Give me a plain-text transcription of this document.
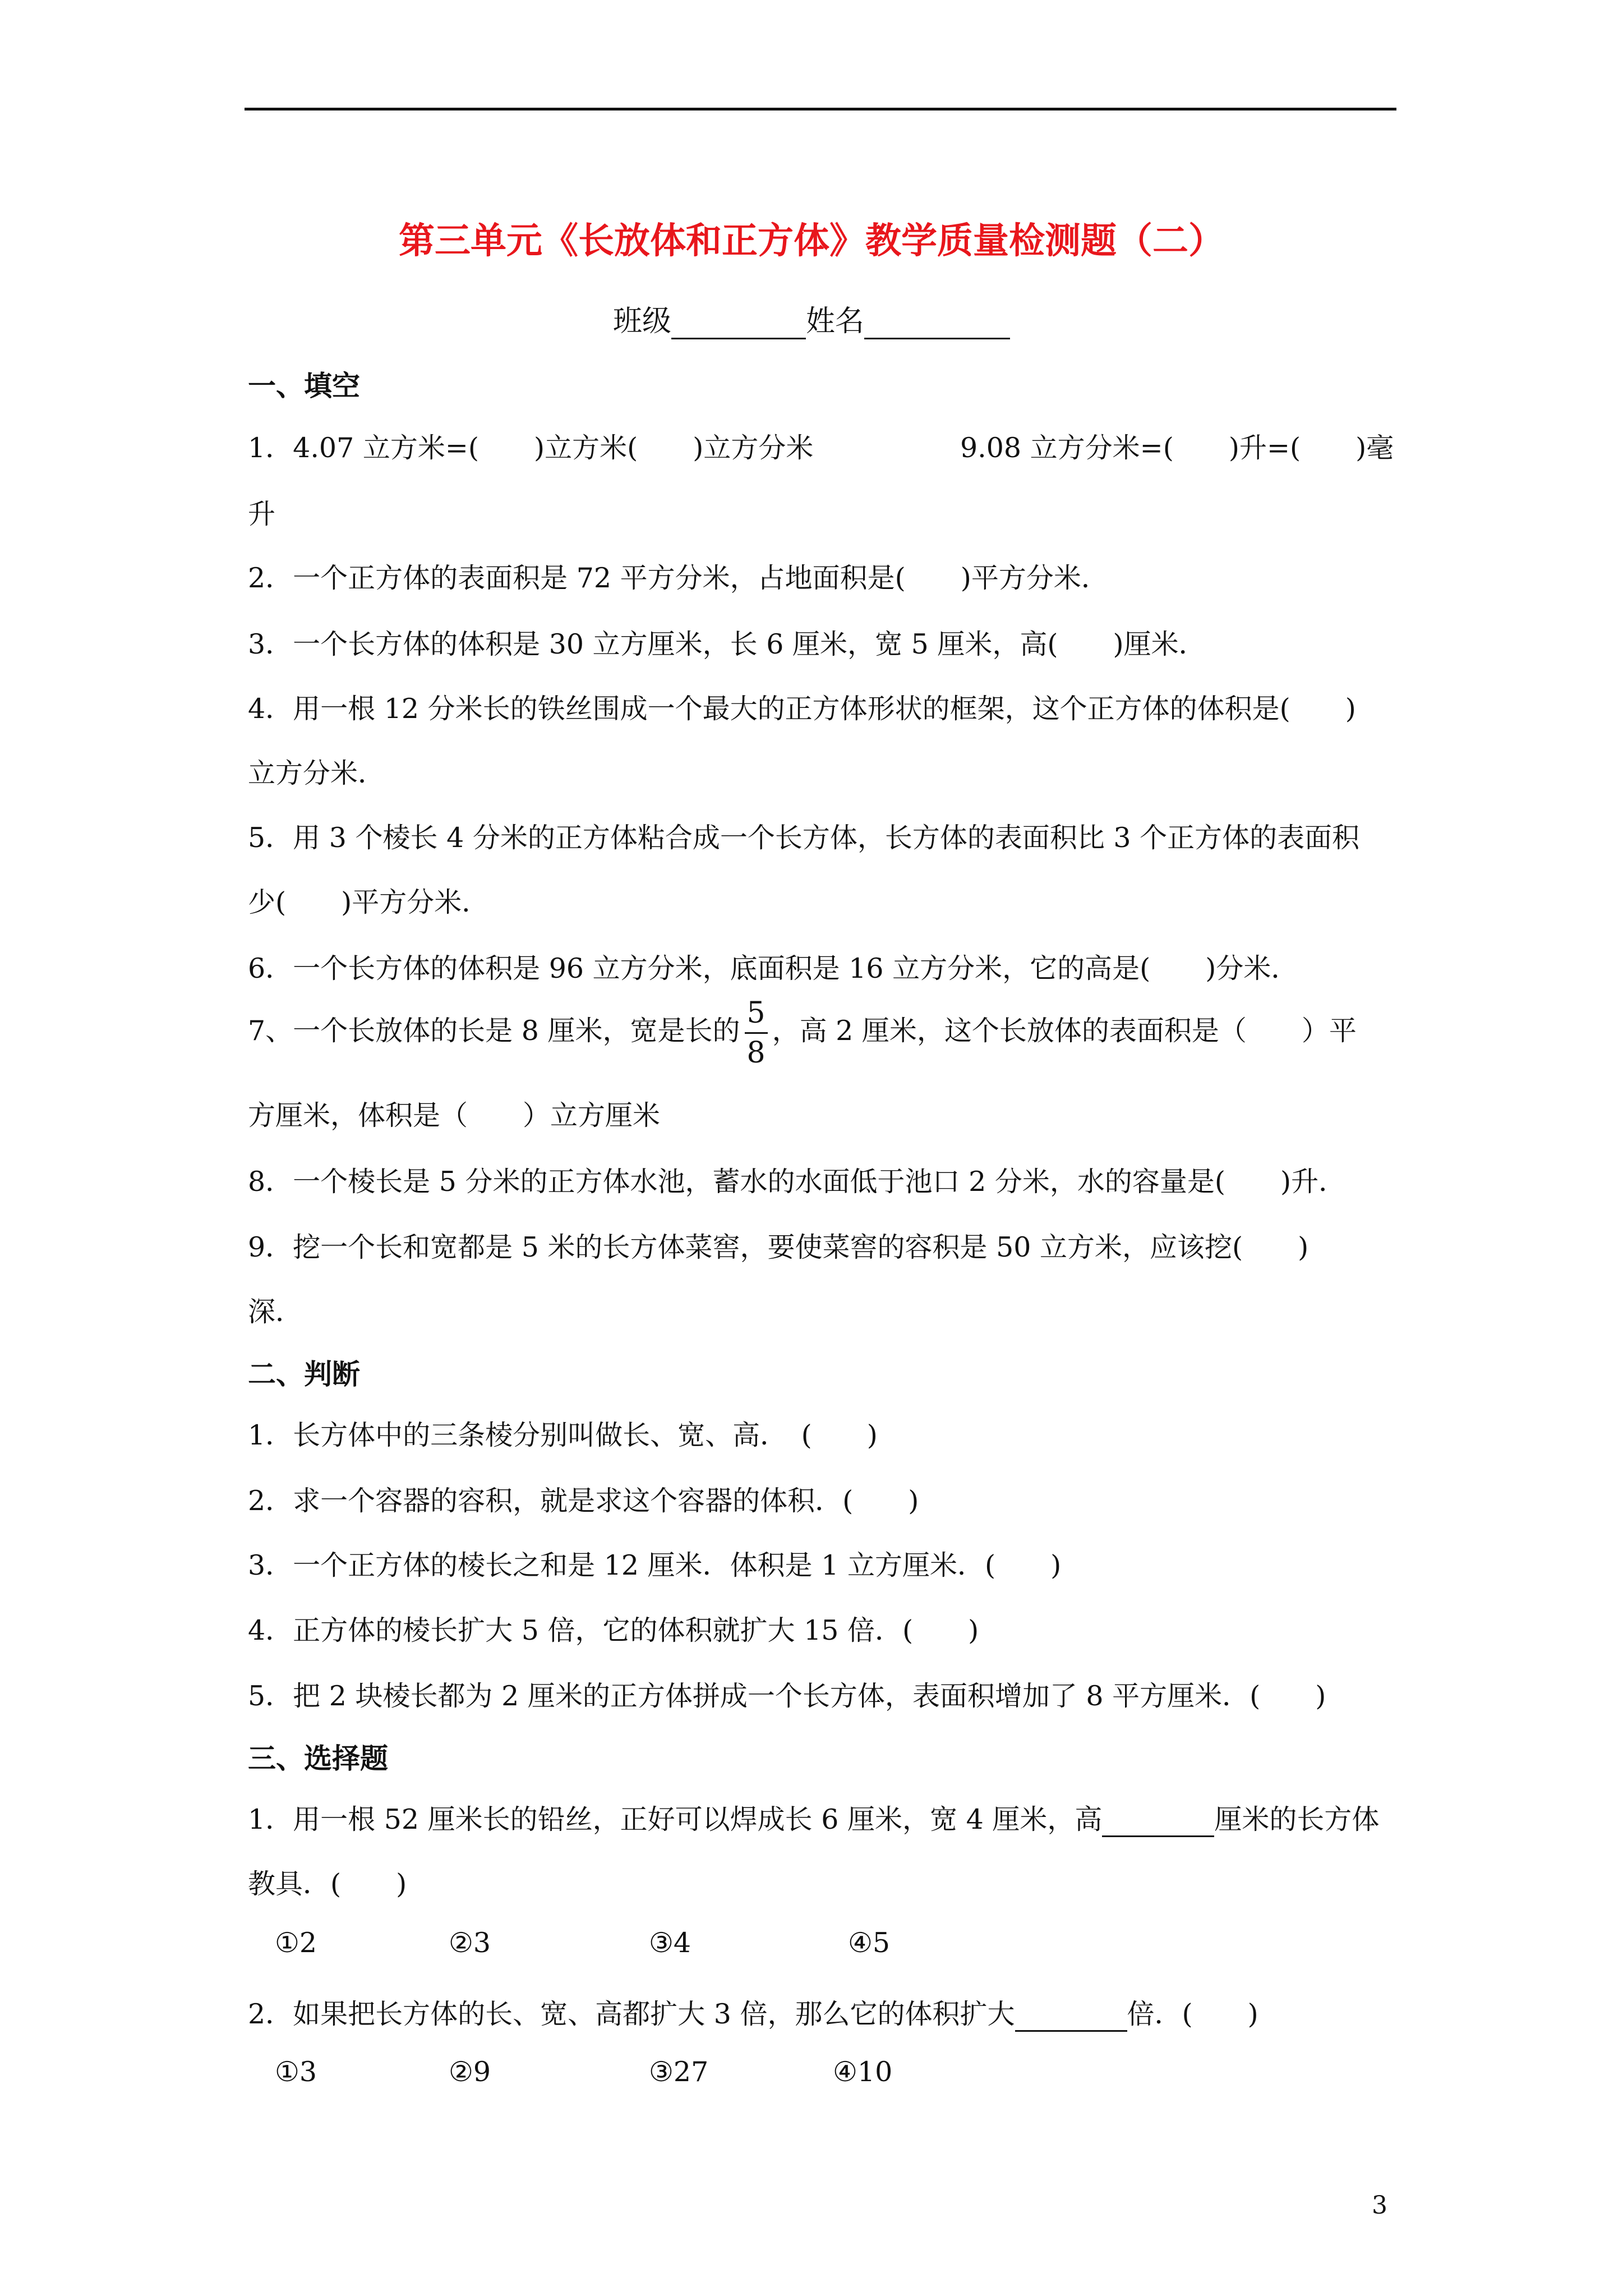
第三单元《长放体和正方体》教学质量检测题（二）
班级	姓名
一、填空
1．4.07 立方米=(　　)立方米(　　)立方分米	9.08 立方分米=(　　)升=(　　)毫
升
2．一个正方体的表面积是 72 平方分米，占地面积是(　　)平方分米．
3．一个长方体的体积是 30 立方厘米，长 6 厘米，宽 5 厘米，高(　　)厘米．
4．用一根 12 分米长的铁丝围成一个最大的正方体形状的框架，这个正方体的体积是(　　)
立方分米．
5．用 3 个棱长 4 分米的正方体粘合成一个长方体，长方体的表面积比 3 个正方体的表面积
少(　　)平方分米．
6．一个长方体的体积是 96 立方分米，底面积是 16 立方分米，它的高是(　　)分米．
7、一个长放体的长是 8 厘米，宽是长的 $\frac{5}{8}$ ，高 2 厘米，这个长放体的表面积是（　　）平
方厘米，体积是（　　）立方厘米
8．一个棱长是 5 分米的正方体水池，蓄水的水面低于池口 2 分米，水的容量是(　　)升．
9．挖一个长和宽都是 5 米的长方体菜窖，要使菜窖的容积是 50 立方米，应该挖(　　)
深．
二、判断
1．长方体中的三条棱分别叫做长、宽、高．　(　　)
2．求一个容器的容积，就是求这个容器的体积．(　　)
3．一个正方体的棱长之和是 12 厘米．体积是 1 立方厘米．(　　)
4．正方体的棱长扩大 5 倍，它的体积就扩大 15 倍．(　　)
5．把 2 块棱长都为 2 厘米的正方体拼成一个长方体，表面积增加了 8 平方厘米．(　　)
三、选择题
1．用一根 52 厘米长的铅丝，正好可以焊成长 6 厘米，宽 4 厘米，高	厘米的长方体
教具．(　　)
①2	②3	③4	④5
2．如果把长方体的长、宽、高都扩大 3 倍，那么它的体积扩大	倍．(　　)
①3	②9	③27	④10
3
